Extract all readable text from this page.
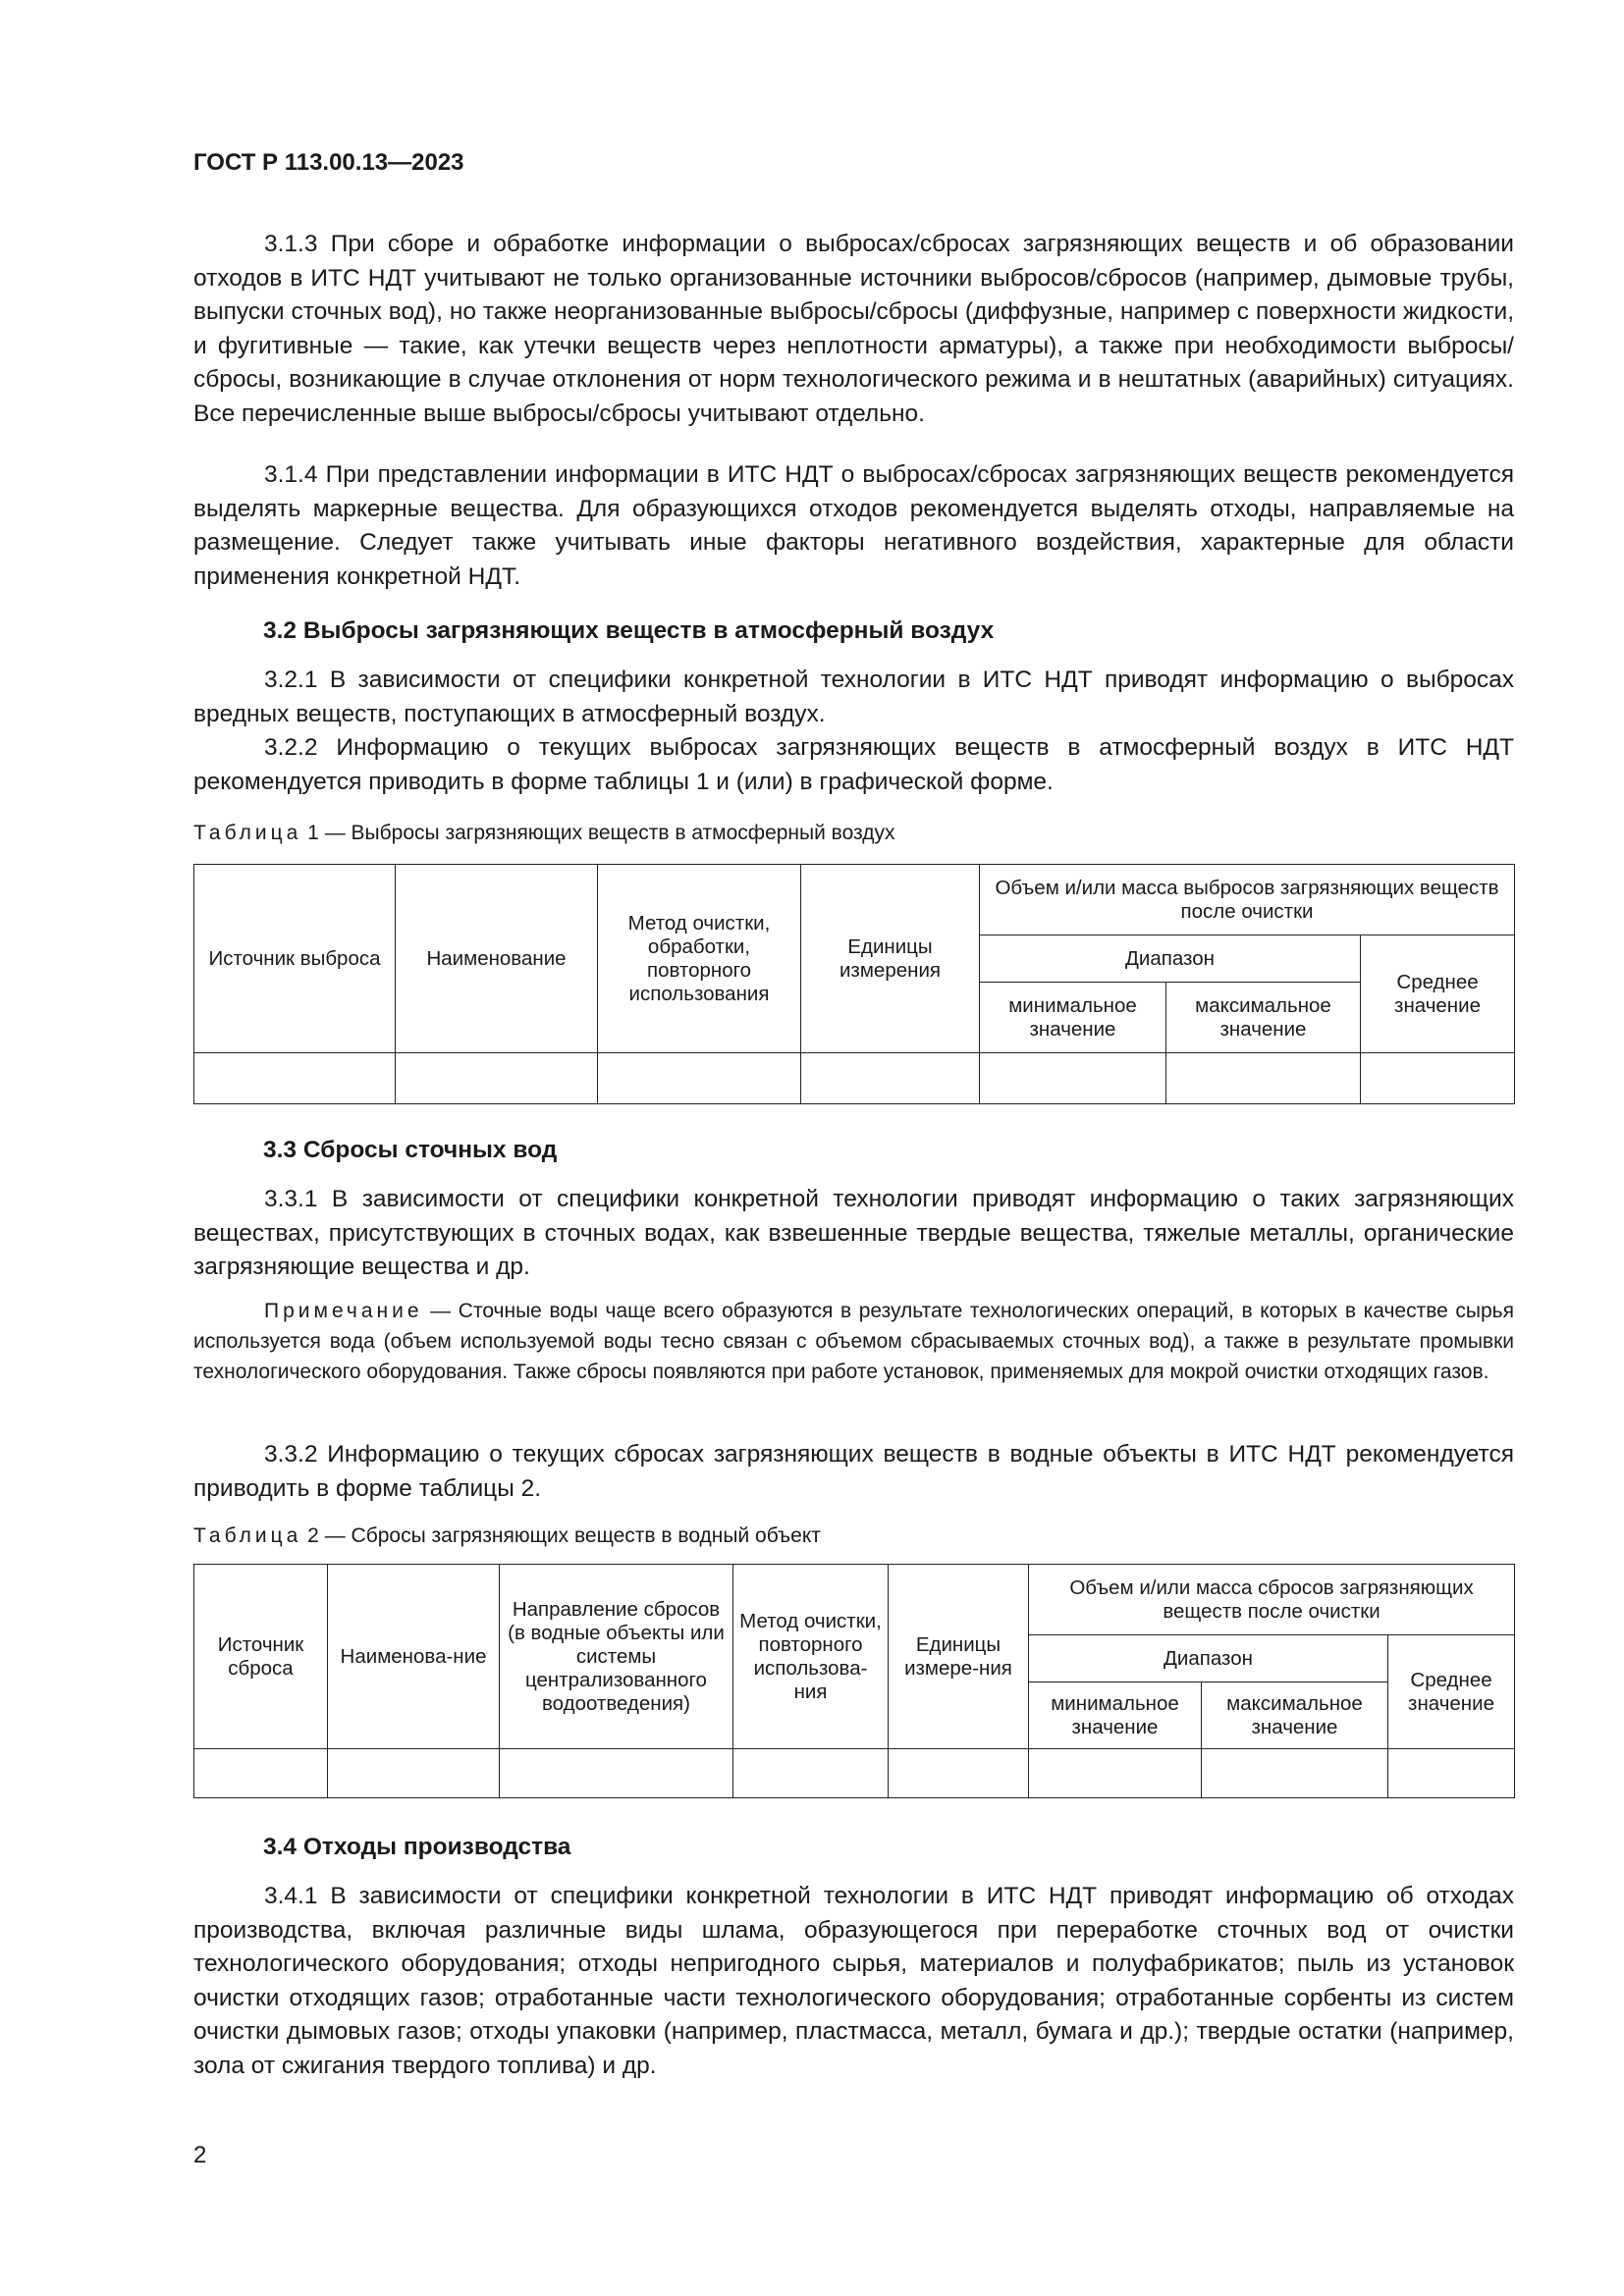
ГОСТ Р 113.00.13—2023

3.1.3 При сборе и обработке информации о выбросах/сбросах загрязняющих веществ и об образовании отходов в ИТС НДТ учитывают не только организованные источники выбросов/сбросов (например, дымовые трубы, выпуски сточных вод), но также неорганизованные выбросы/сбросы (диффузные, например с поверхности жидкости, и фугитивные — такие, как утечки веществ через неплотности арматуры), а также при необходимости выбросы/сбросы, возникающие в случае отклонения от норм технологического режима и в нештатных (аварийных) ситуациях. Все перечисленные выше выбросы/сбросы учитывают отдельно.

3.1.4 При представлении информации в ИТС НДТ о выбросах/сбросах загрязняющих веществ рекомендуется выделять маркерные вещества. Для образующихся отходов рекомендуется выделять отходы, направляемые на размещение. Следует также учитывать иные факторы негативного воздействия, характерные для области применения конкретной НДТ.

3.2 Выбросы загрязняющих веществ в атмосферный воздух

3.2.1 В зависимости от специфики конкретной технологии в ИТС НДТ приводят информацию о выбросах вредных веществ, поступающих в атмосферный воздух.

3.2.2 Информацию о текущих выбросах загрязняющих веществ в атмосферный воздух в ИТС НДТ рекомендуется приводить в форме таблицы 1 и (или) в графической форме.

Таблица 1 — Выбросы загрязняющих веществ в атмосферный воздух

Источник выброса	Наименование	Метод очистки, обработки, повторного использования	Единицы измерения	Объем и/или масса выбросов загрязняющих веществ после очистки		
				Диапазон		Среднее значение
				минимальное значение	максимальное значение	

3.3 Сбросы сточных вод

3.3.1 В зависимости от специфики конкретной технологии приводят информацию о таких загрязняющих веществах, присутствующих в сточных водах, как взвешенные твердые вещества, тяжелые металлы, органические загрязняющие вещества и др.

Примечание — Сточные воды чаще всего образуются в результате технологических операций, в которых в качестве сырья используется вода (объем используемой воды тесно связан с объемом сбрасываемых сточных вод), а также в результате промывки технологического оборудования. Также сбросы появляются при работе установок, применяемых для мокрой очистки отходящих газов.

3.3.2 Информацию о текущих сбросах загрязняющих веществ в водные объекты в ИТС НДТ рекомендуется приводить в форме таблицы 2.

Таблица 2 — Сбросы загрязняющих веществ в водный объект

Источник сброса	Наименова-ние	Направление сбросов (в водные объекты или системы централизованного водоотведения)	Метод очистки, повторного использова-ния	Единицы измере-ния	Объем и/или масса сбросов загрязняющих веществ после очистки		
					Диапазон		Среднее значение
					минимальное значение	максимальное значение	

3.4 Отходы производства

3.4.1 В зависимости от специфики конкретной технологии в ИТС НДТ приводят информацию об отходах производства, включая различные виды шлама, образующегося при переработке сточных вод от очистки технологического оборудования; отходы непригодного сырья, материалов и полуфабрикатов; пыль из установок очистки отходящих газов; отработанные части технологического оборудования; отработанные сорбенты из систем очистки дымовых газов; отходы упаковки (например, пластмасса, металл, бумага и др.); твердые остатки (например, зола от сжигания твердого топлива) и др.

2
